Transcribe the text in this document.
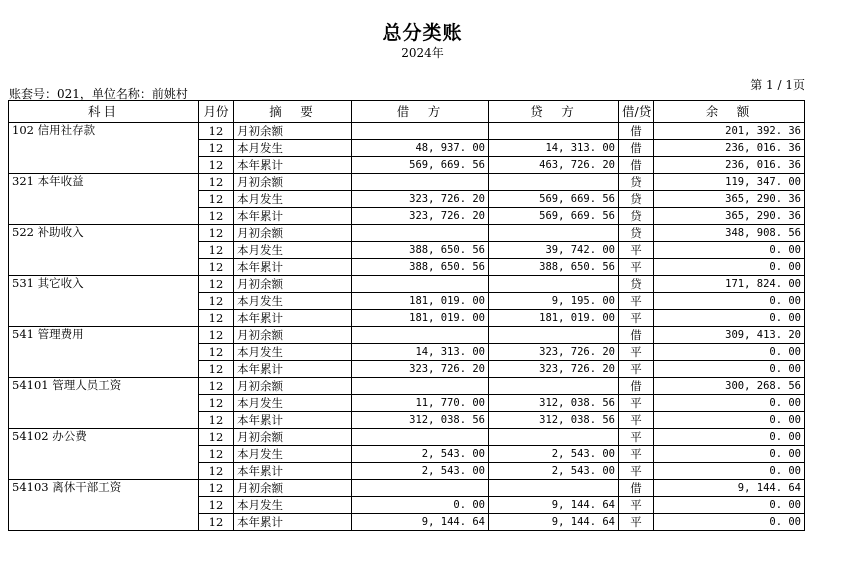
总分类账
2024年
账套号：021，单位名称：前姚村
第 1 / 1页
科目	月份	摘　要	借　方	贷　方	借/贷	余　额
102 信用社存款	12	月初余额			借	201, 392. 36
	12	本月发生	48, 937. 00	14, 313. 00	借	236, 016. 36
	12	本年累计	569, 669. 56	463, 726. 20	借	236, 016. 36
321 本年收益	12	月初余额			贷	119, 347. 00
	12	本月发生	323, 726. 20	569, 669. 56	贷	365, 290. 36
	12	本年累计	323, 726. 20	569, 669. 56	贷	365, 290. 36
522 补助收入	12	月初余额			贷	348, 908. 56
	12	本月发生	388, 650. 56	39, 742. 00	平	0. 00
	12	本年累计	388, 650. 56	388, 650. 56	平	0. 00
531 其它收入	12	月初余额			贷	171, 824. 00
	12	本月发生	181, 019. 00	9, 195. 00	平	0. 00
	12	本年累计	181, 019. 00	181, 019. 00	平	0. 00
541 管理费用	12	月初余额			借	309, 413. 20
	12	本月发生	14, 313. 00	323, 726. 20	平	0. 00
	12	本年累计	323, 726. 20	323, 726. 20	平	0. 00
54101 管理人员工资	12	月初余额			借	300, 268. 56
	12	本月发生	11, 770. 00	312, 038. 56	平	0. 00
	12	本年累计	312, 038. 56	312, 038. 56	平	0. 00
54102 办公费	12	月初余额			平	0. 00
	12	本月发生	2, 543. 00	2, 543. 00	平	0. 00
	12	本年累计	2, 543. 00	2, 543. 00	平	0. 00
54103 离休干部工资	12	月初余额			借	9, 144. 64
	12	本月发生	0. 00	9, 144. 64	平	0. 00
	12	本年累计	9, 144. 64	9, 144. 64	平	0. 00
